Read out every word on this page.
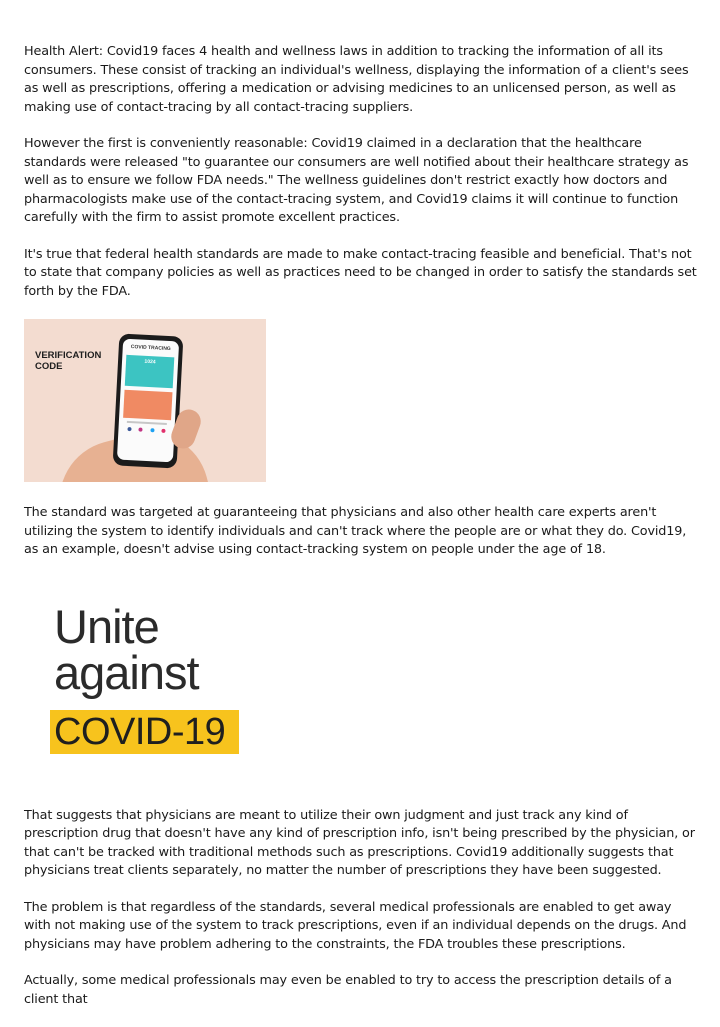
Health Alert: Covid19 faces 4 health and wellness laws in addition to tracking the information of all its consumers. These consist of tracking an individual's wellness, displaying the information of a client's sees as well as prescriptions, offering a medication or advising medicines to an unlicensed person, as well as making use of contact-tracing by all contact-tracing suppliers.

However the first is conveniently reasonable: Covid19 claimed in a declaration that the healthcare standards were released "to guarantee our consumers are well notified about their healthcare strategy as well as to ensure we follow FDA needs." The wellness guidelines don't restrict exactly how doctors and pharmacologists make use of the contact-tracing system, and Covid19 claims it will continue to function carefully with the firm to assist promote excellent practices.

It's true that federal health standards are made to make contact-tracing feasible and beneficial. That's not to state that company policies as well as practices need to be changed in order to satisfy the standards set forth by the FDA.

VERIFICATION
CODE
COVID TRACING
1024

The standard was targeted at guaranteeing that physicians and also other health care experts aren't utilizing the system to identify individuals and can't track where the people are or what they do. Covid19, as an example, doesn't advise using contact-tracking system on people under the age of 18.

Unite
against
COVID-19

That suggests that physicians are meant to utilize their own judgment and just track any kind of prescription drug that doesn't have any kind of prescription info, isn't being prescribed by the physician, or that can't be tracked with traditional methods such as prescriptions. Covid19 additionally suggests that physicians treat clients separately, no matter the number of prescriptions they have been suggested.

The problem is that regardless of the standards, several medical professionals are enabled to get away with not making use of the system to track prescriptions, even if an individual depends on the drugs. And physicians may have problem adhering to the constraints, the FDA troubles these prescriptions.

Actually, some medical professionals may even be enabled to try to access the prescription details of a client that
